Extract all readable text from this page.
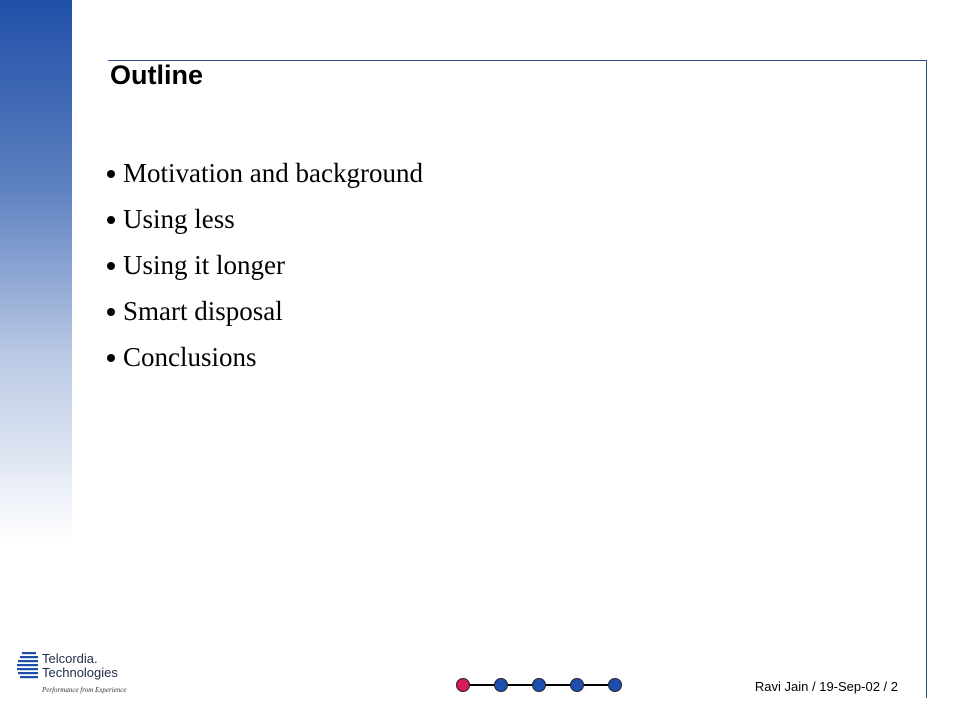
Outline
Motivation and background
Using less
Using it longer
Smart disposal
Conclusions
Telcordia.
Technologies
Performance from Experience	Ravi Jain / 19-Sep-02 / 2
